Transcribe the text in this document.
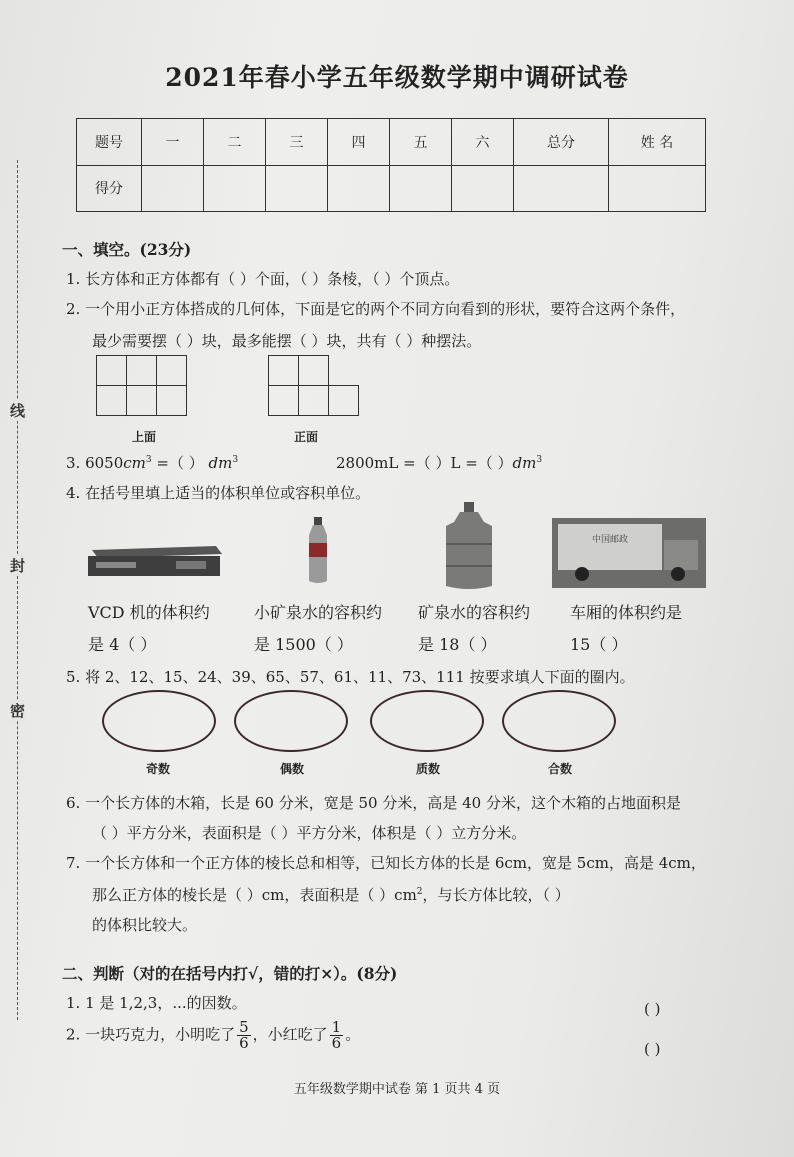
2021年春小学五年级数学期中调研试卷
题号	一	二	三	四	五	六	总分	姓 名
得分								
线
封
密
一、填空。(23分)
1. 长方体和正方体都有（ ）个面，（ ）条棱，（ ）个顶点。
2. 一个用小正方体搭成的几何体，下面是它的两个不同方向看到的形状，要符合这两个条件，
最少需要摆（ ）块，最多能摆（ ）块，共有（ ）种摆法。
上面	正面
3. $6050cm^3$ =（ ） $dm^3$	2800mL =（ ）L =（ ）$dm^3$
4. 在括号里填上适当的体积单位或容积单位。
中国邮政
VCD 机的体积约
是 4（ ）
小矿泉水的容积约
是 1500（ ）
矿泉水的容积约
是 18（ ）
车厢的体积约是
15（ ）
5. 将 2、12、15、24、39、65、57、61、11、73、111 按要求填人下面的圈内。
奇数	偶数	质数	合数
6. 一个长方体的木箱，长是 60 分米，宽是 50 分米，高是 40 分米，这个木箱的占地面积是
（ ）平方分米，表面积是（ ）平方分米，体积是（ ）立方分米。
7. 一个长方体和一个正方体的棱长总和相等，已知长方体的长是 6cm，宽是 5cm，高是 4cm，
那么正方体的棱长是（ ）cm，表面积是（ ）$cm^2$，与长方体比较，（ ）
的体积比较大。
二、判断（对的在括号内打√，错的打×）。(8分)
1. 1 是 1,2,3，...的因数。	( )
2. 一块巧克力，小明吃了 $\frac{5}{6}$ ，小红吃了 $\frac{1}{6}$ 。
( )
五年级数学期中试卷 第 1 页共 4 页
